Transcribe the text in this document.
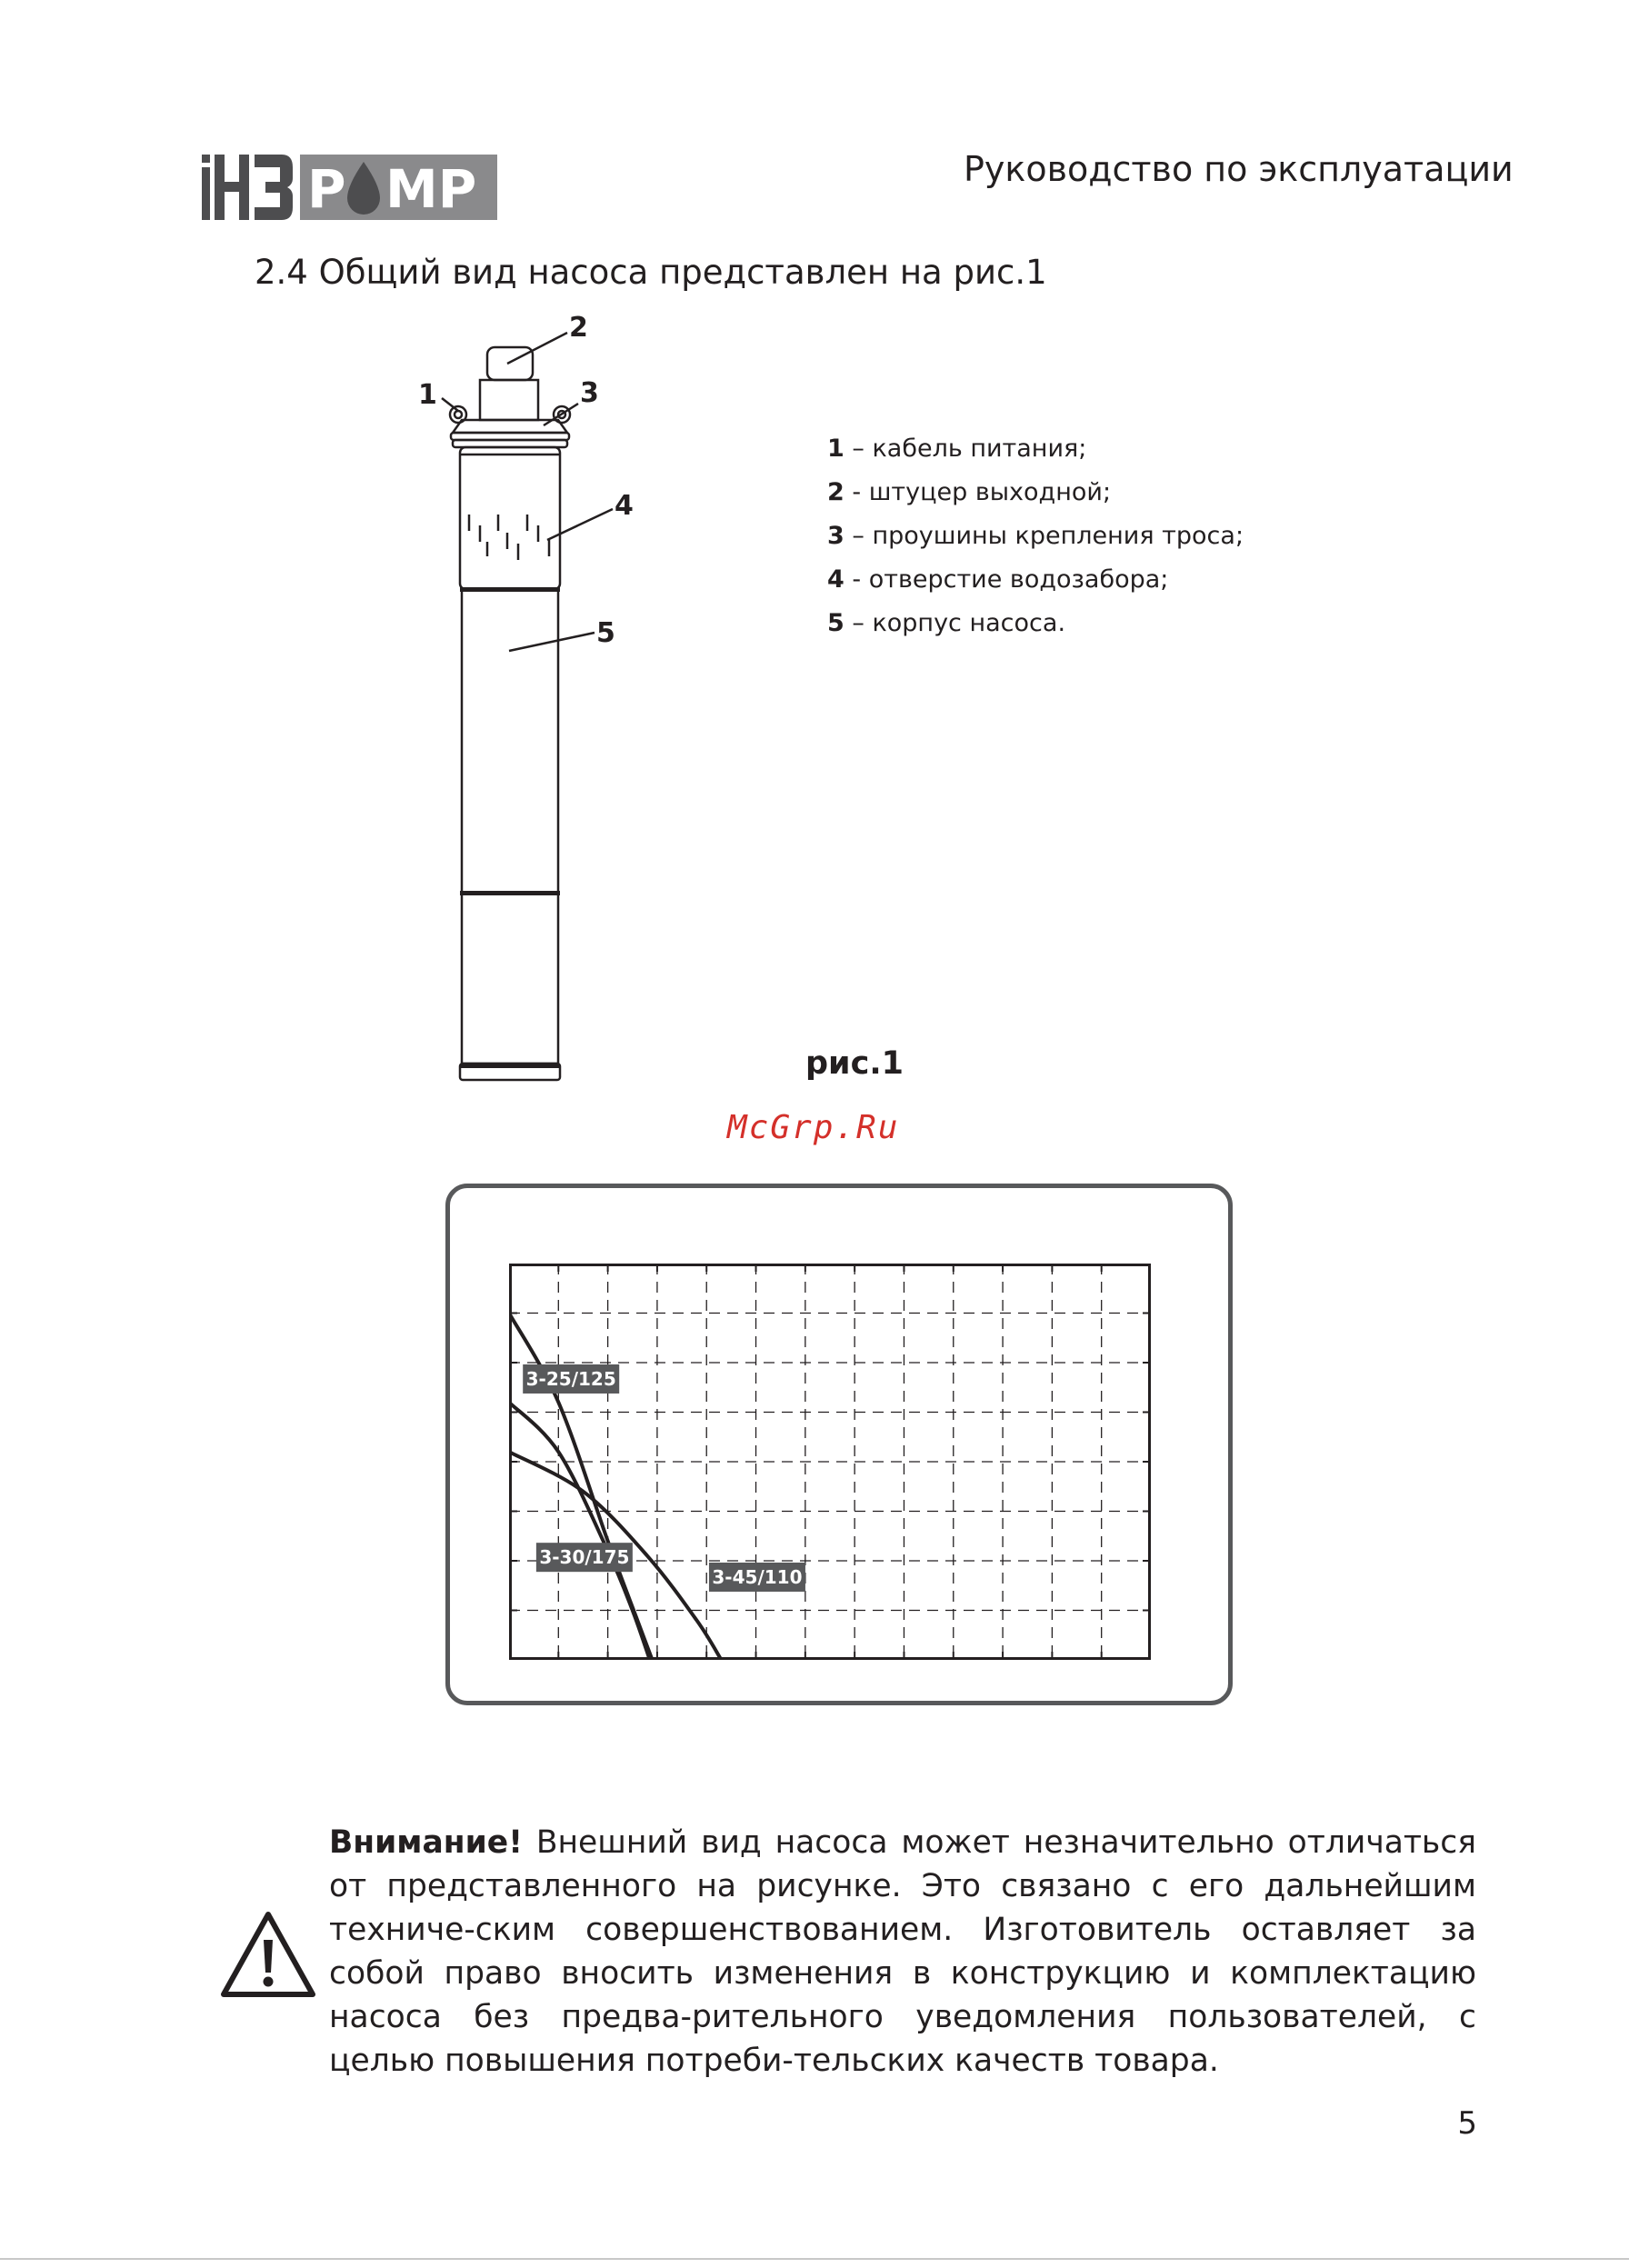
P MP	Руководство по эксплуатации
2.4 Общий вид насоса представлен на рис.1
1
2
3
4
5
1 – кабель питания;
2 - штуцер выходной;
3 – проушины крепления троса;
4 - отверстие водозабора;
5 – корпус насоса.
рис.1
McGrp.Ru
3-25/125
3-30/175
3-45/110
Внимание! Внешний вид насоса может незначительно отличаться от представленного на рисунке. Это связано с его дальнейшим техниче-ским совершенствованием. Изготовитель оставляет за собой право вносить изменения в конструкцию и комплектацию насоса без предва-рительного уведомления пользователей, с целью повышения потреби-тельских качеств товара.
5
